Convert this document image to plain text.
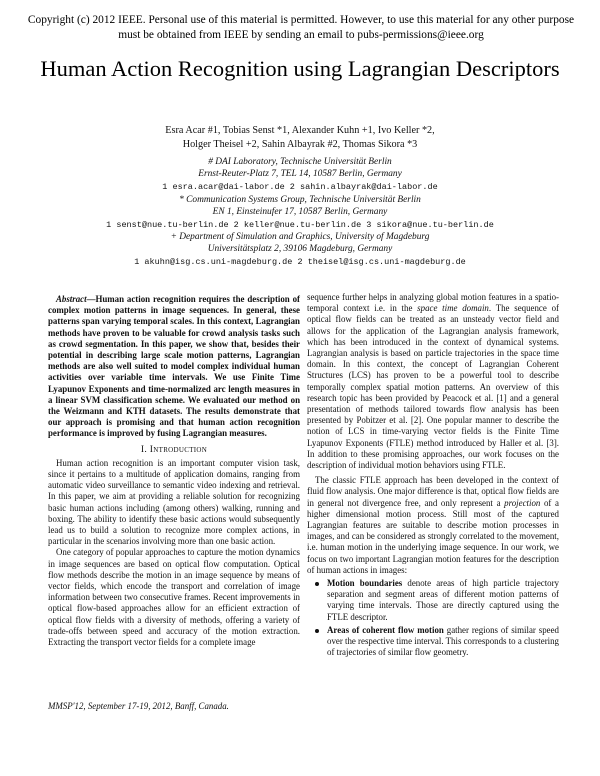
Copyright (c) 2012 IEEE. Personal use of this material is permitted. However, to use this material for any other purpose must be obtained from IEEE by sending an email to pubs-permissions@ieee.org
Human Action Recognition using Lagrangian Descriptors
Esra Acar #1, Tobias Senst *1, Alexander Kuhn +1, Ivo Keller *2,
Holger Theisel +2, Sahin Albayrak #2, Thomas Sikora *3
# DAI Laboratory, Technische Universität Berlin
Ernst-Reuter-Platz 7, TEL 14, 10587 Berlin, Germany
1 esra.acar@dai-labor.de 2 sahin.albayrak@dai-labor.de
* Communication Systems Group, Technische Universität Berlin
EN 1, Einsteinufer 17, 10587 Berlin, Germany
1 senst@nue.tu-berlin.de 2 keller@nue.tu-berlin.de 3 sikora@nue.tu-berlin.de
+ Department of Simulation and Graphics, University of Magdeburg
Universitätsplatz 2, 39106 Magdeburg, Germany
1 akuhn@isg.cs.uni-magdeburg.de 2 theisel@isg.cs.uni-magdeburg.de

Abstract—Human action recognition requires the description of complex motion patterns in image sequences. In general, these patterns span varying temporal scales. In this context, Lagrangian methods have proven to be valuable for crowd analysis tasks such as crowd segmentation. In this paper, we show that, besides their potential in describing large scale motion patterns, Lagrangian methods are also well suited to model complex individual human activities over variable time intervals. We use Finite Time Lyapunov Exponents and time-normalized arc length measures in a linear SVM classification scheme. We evaluated our method on the Weizmann and KTH datasets. The results demonstrate that our approach is promising and that human action recognition performance is improved by fusing Lagrangian measures.

I. Introduction

Human action recognition is an important computer vision task, since it pertains to a multitude of application domains, ranging from automatic video surveillance to semantic video indexing and retrieval. In this paper, we aim at providing a reliable solution for recognizing basic human actions including (among others) walking, running and boxing. The ability to identify these basic actions would subsequently lead us to build a solution to recognize more complex actions, in particular in the scenarios involving more than one basic action.

One category of popular approaches to capture the motion dynamics in image sequences are based on optical flow computation. Optical flow methods describe the motion in an image sequence by means of vector fields, which encode the transport and correlation of image information between two consecutive frames. Recent improvements in optical flow-based approaches allow for an efficient extraction of optical flow fields with a diversity of methods, offering a variety of trade-offs between speed and accuracy of the motion extraction. Extracting the transport vector fields for a complete image

sequence further helps in analyzing global motion features in a spatio-temporal context i.e. in the space time domain. The sequence of optical flow fields can be treated as an unsteady vector field and allows for the application of the Lagrangian analysis framework, which has been introduced in the context of dynamical systems. Lagrangian analysis is based on particle trajectories in the space time domain. In this context, the concept of Lagrangian Coherent Structures (LCS) has proven to be a powerful tool to describe temporally complex spatial motion patterns. An overview of this research topic has been provided by Peacock et al. [1] and a general presentation of methods tailored towards flow analysis has been presented by Pobitzer et al. [2]. One popular manner to describe the notion of LCS in time-varying vector fields is the Finite Time Lyapunov Exponents (FTLE) method introduced by Haller et al. [3]. In addition to these promising approaches, our work focuses on the description of individual motion behaviors using FTLE.

The classic FTLE approach has been developed in the context of fluid flow analysis. One major difference is that, optical flow fields are in general not divergence free, and only represent a projection of a higher dimensional motion process. Still most of the captured Lagrangian features are suitable to describe motion processes in images, and can be considered as strongly correlated to the movement, i.e. human motion in the underlying image sequence. In our work, we focus on two important Lagrangian motion features for the description of human actions in images:

Motion boundaries denote areas of high particle trajectory separation and segment areas of different motion patterns of varying time intervals. Those are directly captured using the FTLE descriptor.
Areas of coherent flow motion gather regions of similar speed over the respective time interval. This corresponds to a clustering of trajectories of similar flow geometry.
MMSP'12, September 17-19, 2012, Banff, Canada.
